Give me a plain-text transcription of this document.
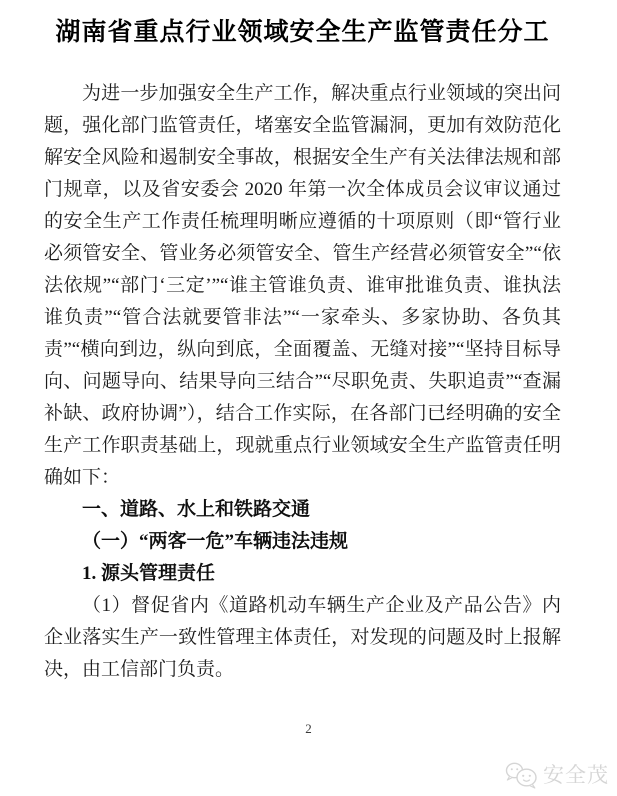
湖南省重点行业领域安全生产监管责任分工

为进一步加强安全生产工作，解决重点行业领域的突出问题，强化部门监管责任，堵塞安全监管漏洞，更加有效防范化解安全风险和遏制安全事故，根据安全生产有关法律法规和部门规章，以及省安委会 2020 年第一次全体成员会议审议通过的安全生产工作责任梳理明晰应遵循的十项原则（即“管行业必须管安全、管业务必须管安全、管生产经营必须管安全”“依法依规”“部门‘三定’”“谁主管谁负责、谁审批谁负责、谁执法谁负责”“管合法就要管非法”“一家牵头、多家协助、各负其责”“横向到边，纵向到底，全面覆盖、无缝对接”“坚持目标导向、问题导向、结果导向三结合”“尽职免责、失职追责”“查漏补缺、政府协调”），结合工作实际，在各部门已经明确的安全生产工作职责基础上，现就重点行业领域安全生产监管责任明确如下：

一、道路、水上和铁路交通

（一）“两客一危”车辆违法违规

1. 源头管理责任

（1）督促省内《道路机动车辆生产企业及产品公告》内企业落实生产一致性管理主体责任，对发现的问题及时上报解决，由工信部门负责。

2
安全茂
